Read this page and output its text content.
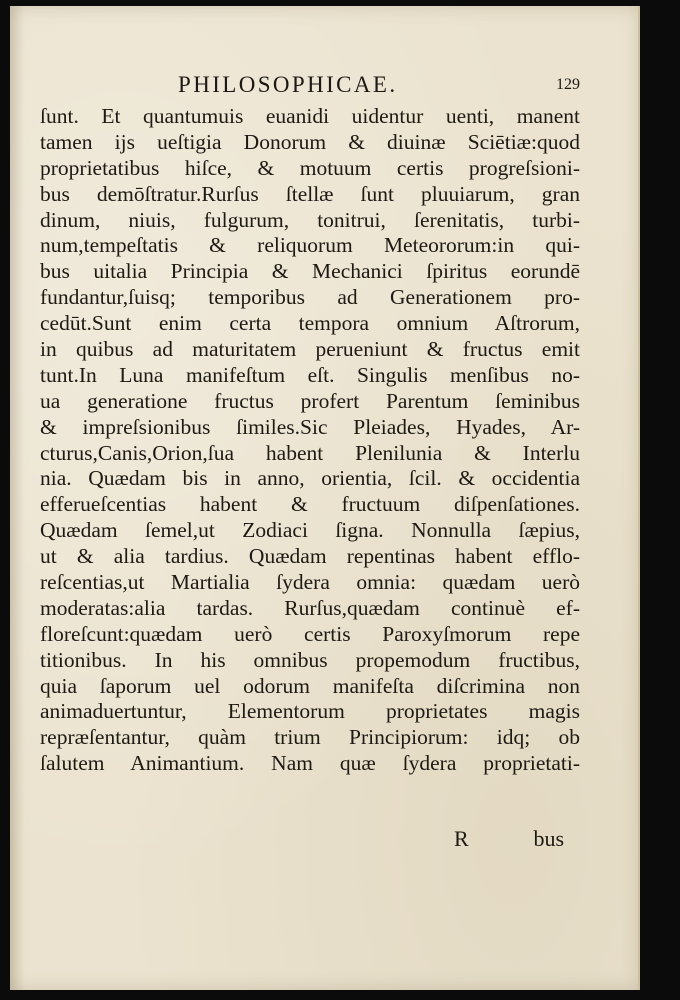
PHILOSOPHICAE.	129
ſunt. Et quantumuis euanidi uidentur uenti, manent
tamen ijs ueſtigia Donorum & diuinæ Sciētiæ:quod
proprietatibus hiſce, & motuum certis progreſsioni-
bus demōſtratur.Rurſus ſtellæ ſunt pluuiarum, gran
dinum, niuis, fulgurum, tonitrui, ſerenitatis, turbi-
num,tempeſtatis & reliquorum Meteororum:in qui-
bus uitalia Principia & Mechanici ſpiritus eorundē
fundantur,ſuisq; temporibus ad Generationem pro-
cedūt.Sunt enim certa tempora omnium Aſtrorum,
in quibus ad maturitatem perueniunt & fructus emit
tunt.In Luna manifeſtum eſt. Singulis menſibus no-
ua generatione fructus profert Parentum ſeminibus
& impreſsionibus ſimiles.Sic Pleiades, Hyades, Ar-
cturus,Canis,Orion,ſua habent Plenilunia & Interlu
nia. Quædam bis in anno, orientia, ſcil. & occidentia
efferueſcentias habent & fructuum diſpenſationes.
Quædam ſemel,ut Zodiaci ſigna. Nonnulla ſæpius,
ut & alia tardius. Quædam repentinas habent efflo-
reſcentias,ut Martialia ſydera omnia: quædam uerò
moderatas:alia tardas. Rurſus,quædam continuè ef-
floreſcunt:quædam uerò certis Paroxyſmorum repe
titionibus. In his omnibus propemodum fructibus,
quia ſaporum uel odorum manifeſta diſcrimina non
animaduertuntur, Elementorum proprietates magis
repræſentantur, quàm trium Principiorum: idq; ob
ſalutem Animantium. Nam quæ ſydera proprietati-
R	bus
